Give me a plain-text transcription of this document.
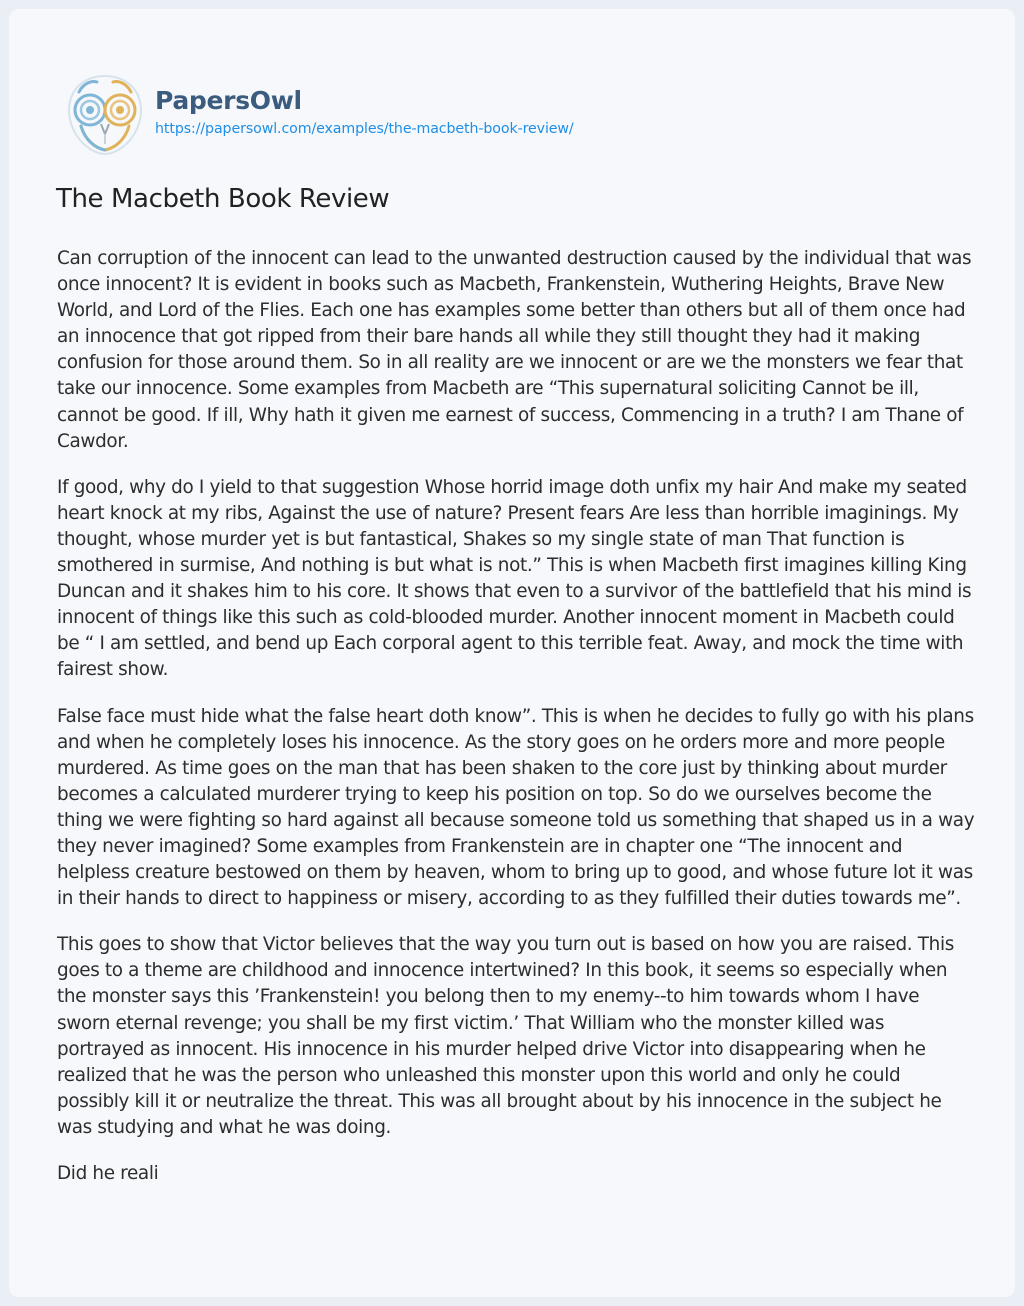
PapersOwl
https://papersowl.com/examples/the-macbeth-book-review/
The Macbeth Book Review

Can corruption of the innocent can lead to the unwanted destruction caused by the individual that was once innocent? It is evident in books such as Macbeth, Frankenstein, Wuthering Heights, Brave New World, and Lord of the Flies. Each one has examples some better than others but all of them once had an innocence that got ripped from their bare hands all while they still thought they had it making confusion for those around them. So in all reality are we innocent or are we the monsters we fear that take our innocence. Some examples from Macbeth are “This supernatural soliciting Cannot be ill, cannot be good. If ill, Why hath it given me earnest of success, Commencing in a truth? I am Thane of Cawdor.

If good, why do I yield to that suggestion Whose horrid image doth unfix my hair And make my seated heart knock at my ribs, Against the use of nature? Present fears Are less than horrible imaginings. My thought, whose murder yet is but fantastical, Shakes so my single state of man That function is smothered in surmise, And nothing is but what is not.” This is when Macbeth first imagines killing King Duncan and it shakes him to his core. It shows that even to a survivor of the battlefield that his mind is innocent of things like this such as cold-blooded murder. Another innocent moment in Macbeth could be “ I am settled, and bend up Each corporal agent to this terrible feat. Away, and mock the time with fairest show.

False face must hide what the false heart doth know”. This is when he decides to fully go with his plans and when he completely loses his innocence. As the story goes on he orders more and more people murdered. As time goes on the man that has been shaken to the core just by thinking about murder becomes a calculated murderer trying to keep his position on top. So do we ourselves become the thing we were fighting so hard against all because someone told us something that shaped us in a way they never imagined? Some examples from Frankenstein are in chapter one “The innocent and helpless creature bestowed on them by heaven, whom to bring up to good, and whose future lot it was in their hands to direct to happiness or misery, according to as they fulfilled their duties towards me”.

This goes to show that Victor believes that the way you turn out is based on how you are raised. This goes to a theme are childhood and innocence intertwined? In this book, it seems so especially when the monster says this ’Frankenstein! you belong then to my enemy--to him towards whom I have sworn eternal revenge; you shall be my first victim.’ That William who the monster killed was portrayed as innocent. His innocence in his murder helped drive Victor into disappearing when he realized that he was the person who unleashed this monster upon this world and only he could possibly kill it or neutralize the threat. This was all brought about by his innocence in the subject he was studying and what he was doing.

Did he reali
